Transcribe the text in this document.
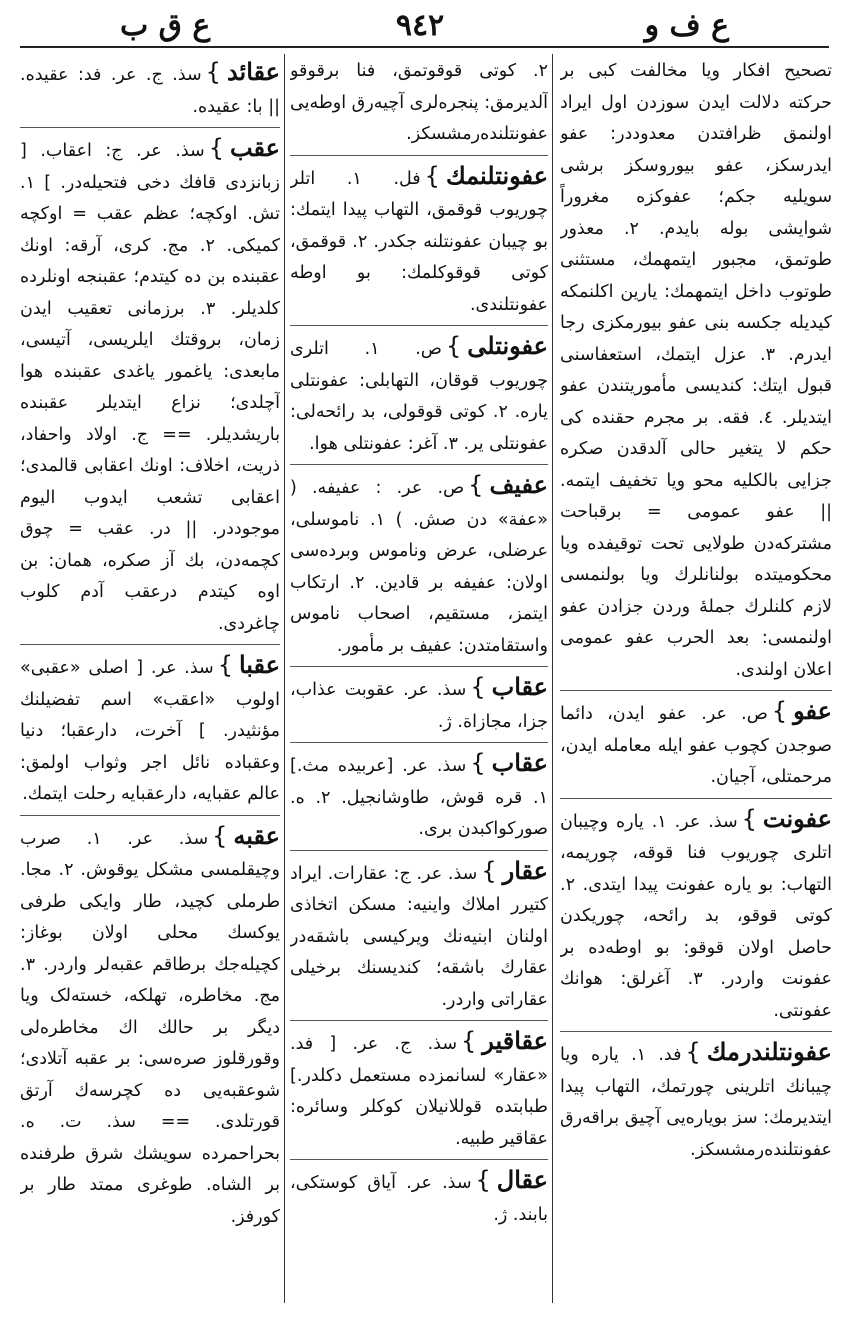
ع ق ب	٩٤٢	ع ف و
تصحیح افکار ویا مخالفت کبی بر حرکته دلالت ایدن سوزدن اول ایراد اولنمق ظرافتدن معدوددر: عفو ایدرسکز، عفو بیوروسکز برشی سویلیه جکم؛ عفوکزه مغروراً شوایشی بوله بایدم. ۲. معذور طوتمق، مجبور ایتمهمك، مستثنی طوتوب داخل ایتمهمك: یارین اکلنمکه کیدیله جکسه بنی عفو بیورمکزی رجا ایدرم. ۳. عزل ایتمك، استعفاسنی قبول ایتك: کندیسی مأموریتندن عفو ایتدیلر. ٤. فقه. بر مجرم حقنده کی حکم لا یتغیر حالی آلدقدن صکره جزایی بالکلیه محو ویا تخفیف ایتمه. || عفو عمومی = برقباحت مشترکه‌دن طولایی تحت توقیفده ویا محکومیتده بولنانلرك ویا بولنمسی لازم کلنلرك جمله‌ٔ وردن جزادن عفو اولنمسی: بعد الحرب عفو عمومی اعلان اولندی.
عفو}ص. عر. عفو ایدن، دائما صوجدن کچوب عفو ایله معامله ایدن، مرحمتلی، آجیان.
عفونت}سذ. عر. ۱. یاره وچیبان اتلری چوریوب فنا قوقه، چوریمه، التهاب: بو یاره عفونت پیدا ایتدی. ۲. کوتی قوقو، بد رائحه، چوریکدن حاصل اولان قوقو: بو اوطه‌ده بر عفونت واردر. ۳. آغرلق: هوانك عفونتی.
عفونتلندرمك}فد. ۱. یاره ویا چیبانك اتلرینی چورتمك، التهاب پیدا ایتدیرمك: سز بویاره‌یی آچیق براقه‌رق عفونتلنده‌رمشسکز.
۲. کوتی قوقوتمق، فنا برقوقو آلدیرمق: پنجره‌لری آچیه‌رق اوطه‌یی عفونتلنده‌رمشسکز.
عفونتلنمك}فل. ۱. اتلر چوریوب قوقمق، التهاب پیدا ایتمك: بو چیبان عفونتلنه جکدر. ۲. قوقمق، کوتی قوقوکلمك: بو اوطه عفونتلندی.
عفونتلی}ص. ۱. اتلری چوریوب قوقان، التهابلی: عفونتلی یاره. ۲. کوتی قوقولی، بد رائحه‌لی: عفونتلی یر. ۳. آغر: عفونتلی هوا.
عفیف}ص. عر. : عفیفه. ( «عفة» دن صش. ) ۱. ناموسلی، عرضلی، عرض وناموس وبرده‌سی اولان: عفیفه بر قادین. ۲. ارتکاب ایتمز، مستقیم، اصحاب ناموس واستقامتدن: عفیف بر مأمور.
عقاب}سذ. عر. عقوبت عذاب، جزا، مجازاة. ژ.
عقاب}سذ. عر. [عربیده مث.] ۱. قره قوش، طاوشانجیل. ۲. ه. صورکواکبدن بری.
عقار}سذ. عر. ج: عقارات. ایراد کتیرر املاك واینیه: مسکن اتخاذی اولنان ابنیه‌نك ویرکیسی باشقه‌در عقارك باشقه؛ کندیسنك برخیلی عقاراتی واردر.
عقاقیر}سذ. ج. عر. [ فد. «عقار» لسانمزده مستعمل دکلدر.] طبابتده قوللانیلان کوکلر وسائره: عقاقیر طبیه.
عقال}سذ. عر. آیاق کوستکی، بابند. ژ.
عقائد}سذ. ج. عر. فد: عقیده. || با: عقیده.
عقب}سذ. عر. ج: اعقاب. [ زبانزدی قافك دخی فتحیله‌در. ] ۱. تش. اوکچه؛ عظم عقب = اوکچه کمیکی. ۲. مج. کری، آرقه: اونك عقبنده بن ده کیتدم؛ عقبنجه اونلرده کلدیلر. ۳. برزمانی تعقیب ایدن زمان، بروقتك ایلریسی، آتیسی، مابعدی: یاغمور یاغدی عقبنده هوا آچلدی؛ نزاع ایتدیلر عقبنده باریشدیلر. == ج. اولاد واحفاد، ذریت، اخلاف: اونك اعقابی قالمدی؛ اعقابی تشعب ایدوب الیوم موجوددر. || در. عقب = چوق کچمه‌دن، بك آز صکره، همان: بن اوه کیتدم درعقب آدم کلوب چاغردی.
عقبا}سذ. عر. [ اصلی «عقبی» اولوب «اعقب» اسم تفضیلنك مؤنثیدر. ] آخرت، دارعقبا؛ دنیا وعقباده نائل اجر وثواب اولمق: عالم عقبایه، دارعقبایه رحلت ایتمك.
عقبه}سذ. عر. ۱. صرب وچیقلمسی مشکل یوقوش. ۲. مجا. طرملی کچید، طار وایکی طرفی یوکسك محلی اولان بوغاز: کچیله‌جك برطاقم عقبه‌لر واردر. ۳. مج. مخاطره، تهلکه، خسته‌لک ویا دیگر بر حالك اك مخاطره‌لی وقورقلوز صره‌سی: بر عقبه آتلادی؛ شوعقبه‌یی ده کچرسه‌ك آرتق قورتلدی. == سذ. ت. ه. بحراحمرده سویشك شرق طرفنده بر الشاه. طوغری ممتد طار بر کورفز.
